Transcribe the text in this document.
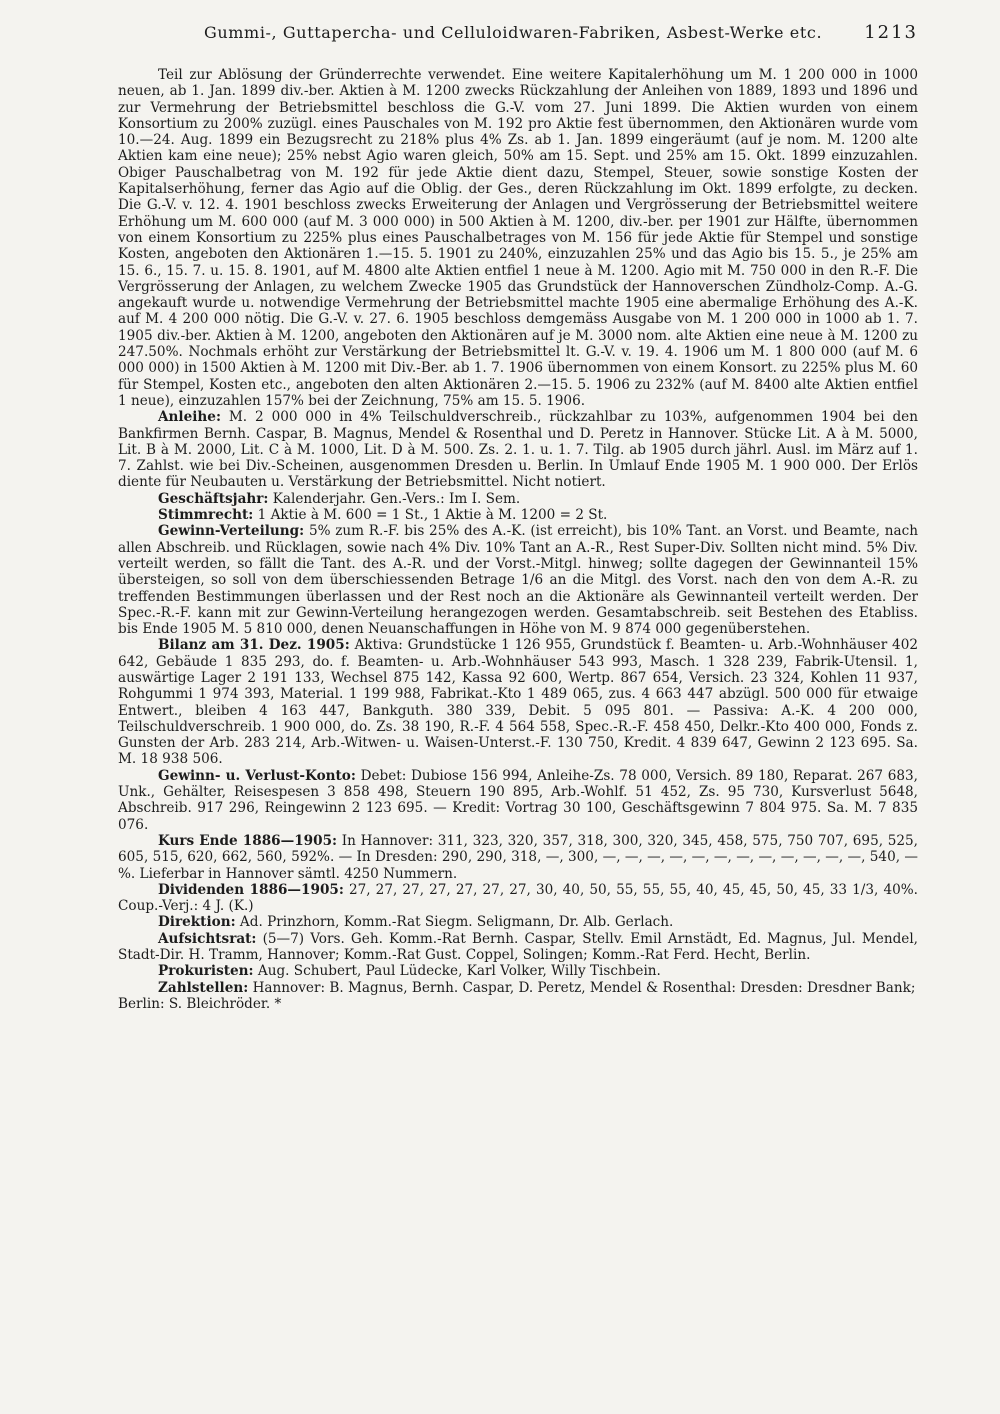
Gummi-, Guttapercha- und Celluloidwaren-Fabriken, Asbest-Werke etc. 1213

Teil zur Ablösung der Gründerrechte verwendet. Eine weitere Kapitalerhöhung um M. 1 200 000 in 1000 neuen, ab 1. Jan. 1899 div.-ber. Aktien à M. 1200 zwecks Rückzahlung der Anleihen von 1889, 1893 und 1896 und zur Vermehrung der Betriebsmittel beschloss die G.-V. vom 27. Juni 1899. Die Aktien wurden von einem Konsortium zu 200% zuzügl. eines Pauschales von M. 192 pro Aktie fest übernommen, den Aktionären wurde vom 10.—24. Aug. 1899 ein Bezugsrecht zu 218% plus 4% Zs. ab 1. Jan. 1899 eingeräumt (auf je nom. M. 1200 alte Aktien kam eine neue); 25% nebst Agio waren gleich, 50% am 15. Sept. und 25% am 15. Okt. 1899 einzuzahlen. Obiger Pauschalbetrag von M. 192 für jede Aktie dient dazu, Stempel, Steuer, sowie sonstige Kosten der Kapitalserhöhung, ferner das Agio auf die Oblig. der Ges., deren Rückzahlung im Okt. 1899 erfolgte, zu decken. Die G.-V. v. 12. 4. 1901 beschloss zwecks Erweiterung der Anlagen und Vergrösserung der Betriebsmittel weitere Erhöhung um M. 600 000 (auf M. 3 000 000) in 500 Aktien à M. 1200, div.-ber. per 1901 zur Hälfte, übernommen von einem Konsortium zu 225% plus eines Pauschalbetrages von M. 156 für jede Aktie für Stempel und sonstige Kosten, angeboten den Aktionären 1.—15. 5. 1901 zu 240%, einzuzahlen 25% und das Agio bis 15. 5., je 25% am 15. 6., 15. 7. u. 15. 8. 1901, auf M. 4800 alte Aktien entfiel 1 neue à M. 1200. Agio mit M. 750 000 in den R.-F. Die Vergrösserung der Anlagen, zu welchem Zwecke 1905 das Grundstück der Hannoverschen Zündholz-Comp. A.-G. angekauft wurde u. notwendige Vermehrung der Betriebsmittel machte 1905 eine abermalige Erhöhung des A.-K. auf M. 4 200 000 nötig. Die G.-V. v. 27. 6. 1905 beschloss demgemäss Ausgabe von M. 1 200 000 in 1000 ab 1. 7. 1905 div.-ber. Aktien à M. 1200, angeboten den Aktionären auf je M. 3000 nom. alte Aktien eine neue à M. 1200 zu 247.50%. Nochmals erhöht zur Verstärkung der Betriebsmittel lt. G.-V. v. 19. 4. 1906 um M. 1 800 000 (auf M. 6 000 000) in 1500 Aktien à M. 1200 mit Div.-Ber. ab 1. 7. 1906 übernommen von einem Konsort. zu 225% plus M. 60 für Stempel, Kosten etc., angeboten den alten Aktionären 2.—15. 5. 1906 zu 232% (auf M. 8400 alte Aktien entfiel 1 neue), einzuzahlen 157% bei der Zeichnung, 75% am 15. 5. 1906.

Anleihe: M. 2 000 000 in 4% Teilschuldverschreib., rückzahlbar zu 103%, aufgenommen 1904 bei den Bankfirmen Bernh. Caspar, B. Magnus, Mendel & Rosenthal und D. Peretz in Hannover. Stücke Lit. A à M. 5000, Lit. B à M. 2000, Lit. C à M. 1000, Lit. D à M. 500. Zs. 2. 1. u. 1. 7. Tilg. ab 1905 durch jährl. Ausl. im März auf 1. 7. Zahlst. wie bei Div.-Scheinen, ausgenommen Dresden u. Berlin. In Umlauf Ende 1905 M. 1 900 000. Der Erlös diente für Neubauten u. Verstärkung der Betriebsmittel. Nicht notiert.

Geschäftsjahr: Kalenderjahr. Gen.-Vers.: Im I. Sem.

Stimmrecht: 1 Aktie à M. 600 = 1 St., 1 Aktie à M. 1200 = 2 St.

Gewinn-Verteilung: 5% zum R.-F. bis 25% des A.-K. (ist erreicht), bis 10% Tant. an Vorst. und Beamte, nach allen Abschreib. und Rücklagen, sowie nach 4% Div. 10% Tant an A.-R., Rest Super-Div. Sollten nicht mind. 5% Div. verteilt werden, so fällt die Tant. des A.-R. und der Vorst.-Mitgl. hinweg; sollte dagegen der Gewinnanteil 15% übersteigen, so soll von dem überschiessenden Betrage 1/6 an die Mitgl. des Vorst. nach den von dem A.-R. zu treffenden Bestimmungen überlassen und der Rest noch an die Aktionäre als Gewinnanteil verteilt werden. Der Spec.-R.-F. kann mit zur Gewinn-Verteilung herangezogen werden. Gesamtabschreib. seit Bestehen des Etabliss. bis Ende 1905 M. 5 810 000, denen Neuanschaffungen in Höhe von M. 9 874 000 gegenüberstehen.

Bilanz am 31. Dez. 1905: Aktiva: Grundstücke 1 126 955, Grundstück f. Beamten- u. Arb.-Wohnhäuser 402 642, Gebäude 1 835 293, do. f. Beamten- u. Arb.-Wohnhäuser 543 993, Masch. 1 328 239, Fabrik-Utensil. 1, auswärtige Lager 2 191 133, Wechsel 875 142, Kassa 92 600, Wertp. 867 654, Versich. 23 324, Kohlen 11 937, Rohgummi 1 974 393, Material. 1 199 988, Fabrikat.-Kto 1 489 065, zus. 4 663 447 abzügl. 500 000 für etwaige Entwert., bleiben 4 163 447, Bankguth. 380 339, Debit. 5 095 801. — Passiva: A.-K. 4 200 000, Teilschuldverschreib. 1 900 000, do. Zs. 38 190, R.-F. 4 564 558, Spec.-R.-F. 458 450, Delkr.-Kto 400 000, Fonds z. Gunsten der Arb. 283 214, Arb.-Witwen- u. Waisen-Unterst.-F. 130 750, Kredit. 4 839 647, Gewinn 2 123 695. Sa. M. 18 938 506.

Gewinn- u. Verlust-Konto: Debet: Dubiose 156 994, Anleihe-Zs. 78 000, Versich. 89 180, Reparat. 267 683, Unk., Gehälter, Reisespesen 3 858 498, Steuern 190 895, Arb.-Wohlf. 51 452, Zs. 95 730, Kursverlust 5648, Abschreib. 917 296, Reingewinn 2 123 695. — Kredit: Vortrag 30 100, Geschäftsgewinn 7 804 975. Sa. M. 7 835 076.

Kurs Ende 1886—1905: In Hannover: 311, 323, 320, 357, 318, 300, 320, 345, 458, 575, 750 707, 695, 525, 605, 515, 620, 662, 560, 592%. — In Dresden: 290, 290, 318, —, 300, —, —, —, —, —, —, —, —, —, —, —, —, 540, —%. Lieferbar in Hannover sämtl. 4250 Nummern.

Dividenden 1886—1905: 27, 27, 27, 27, 27, 27, 27, 30, 40, 50, 55, 55, 55, 40, 45, 45, 50, 45, 33 1/3, 40%. Coup.-Verj.: 4 J. (K.)

Direktion: Ad. Prinzhorn, Komm.-Rat Siegm. Seligmann, Dr. Alb. Gerlach.

Aufsichtsrat: (5—7) Vors. Geh. Komm.-Rat Bernh. Caspar, Stellv. Emil Arnstädt, Ed. Magnus, Jul. Mendel, Stadt-Dir. H. Tramm, Hannover; Komm.-Rat Gust. Coppel, Solingen; Komm.-Rat Ferd. Hecht, Berlin.

Prokuristen: Aug. Schubert, Paul Lüdecke, Karl Volker, Willy Tischbein.

Zahlstellen: Hannover: B. Magnus, Bernh. Caspar, D. Peretz, Mendel & Rosenthal: Dresden: Dresdner Bank; Berlin: S. Bleichröder. *
